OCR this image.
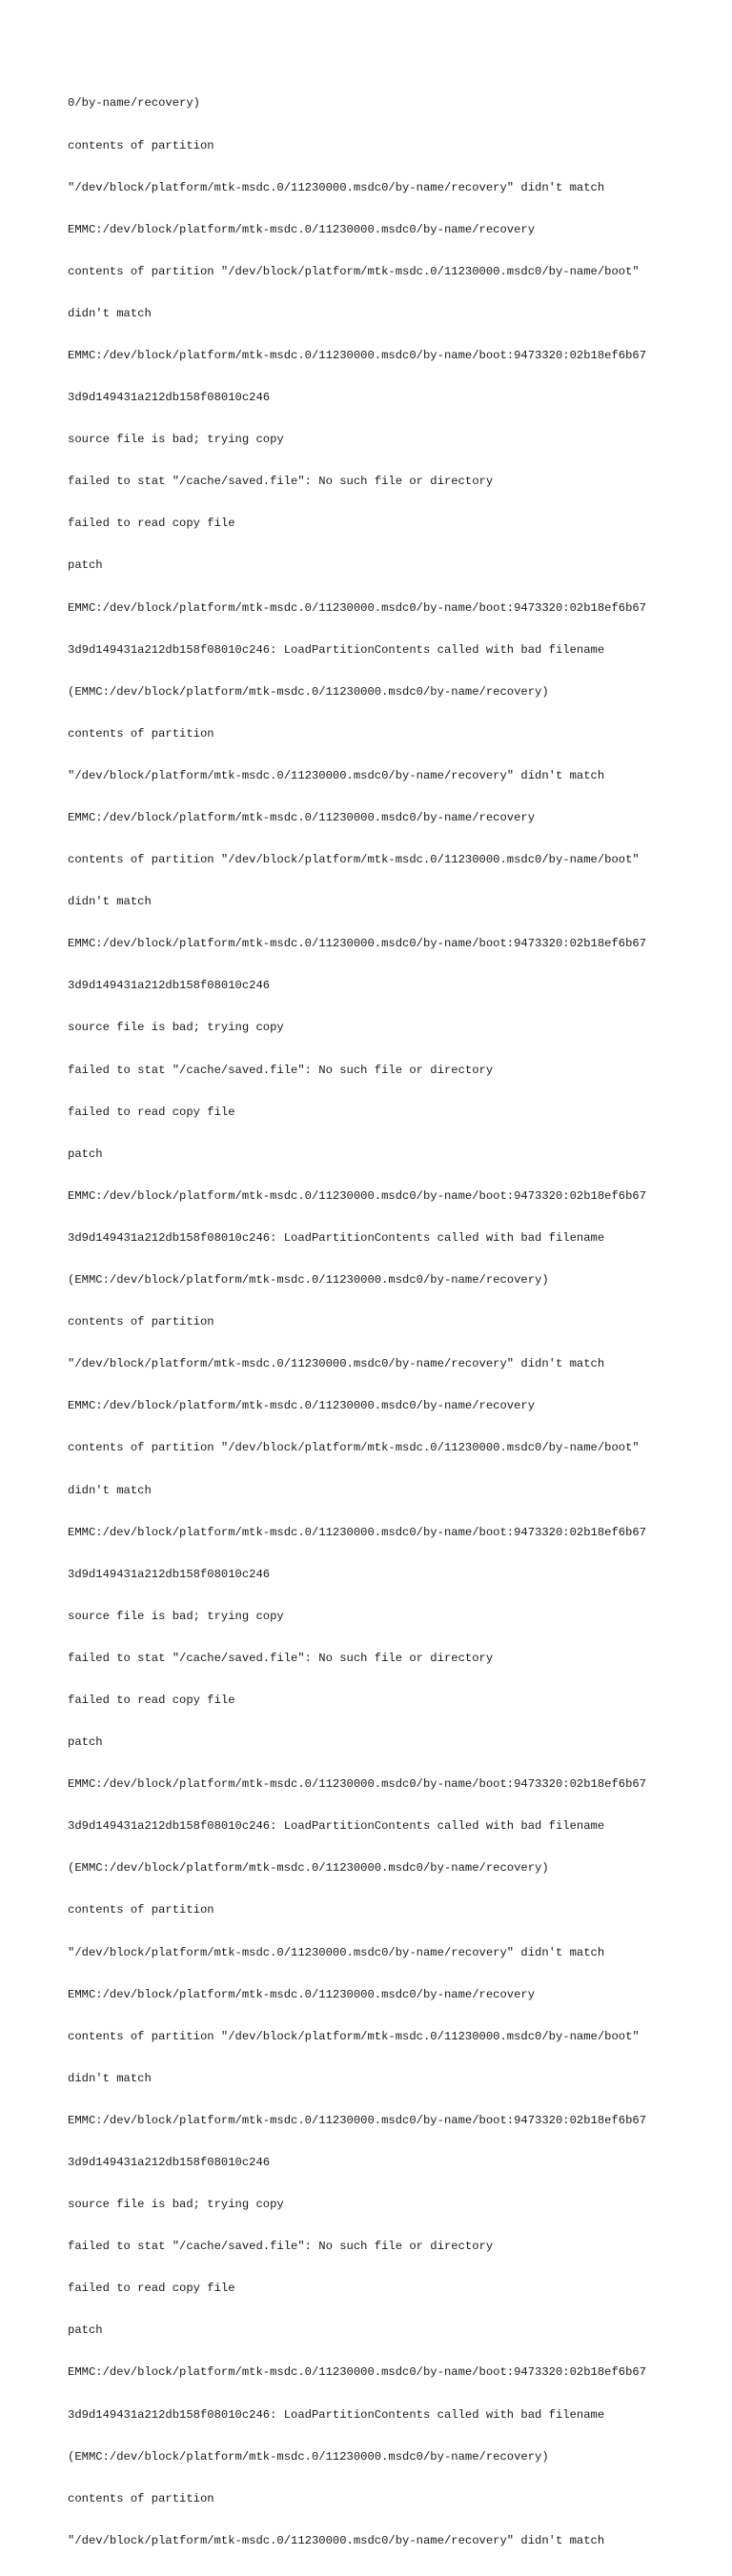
0/by-name/recovery)

contents of partition

"/dev/block/platform/mtk-msdc.0/11230000.msdc0/by-name/recovery" didn't match

EMMC:/dev/block/platform/mtk-msdc.0/11230000.msdc0/by-name/recovery

contents of partition "/dev/block/platform/mtk-msdc.0/11230000.msdc0/by-name/boot"

didn't match

EMMC:/dev/block/platform/mtk-msdc.0/11230000.msdc0/by-name/boot:9473320:02b18ef6b67

3d9d149431a212db158f08010c246

source file is bad; trying copy

failed to stat "/cache/saved.file": No such file or directory

failed to read copy file

patch

EMMC:/dev/block/platform/mtk-msdc.0/11230000.msdc0/by-name/boot:9473320:02b18ef6b67

3d9d149431a212db158f08010c246: LoadPartitionContents called with bad filename

(EMMC:/dev/block/platform/mtk-msdc.0/11230000.msdc0/by-name/recovery)

contents of partition

"/dev/block/platform/mtk-msdc.0/11230000.msdc0/by-name/recovery" didn't match

EMMC:/dev/block/platform/mtk-msdc.0/11230000.msdc0/by-name/recovery

contents of partition "/dev/block/platform/mtk-msdc.0/11230000.msdc0/by-name/boot"

didn't match

EMMC:/dev/block/platform/mtk-msdc.0/11230000.msdc0/by-name/boot:9473320:02b18ef6b67

3d9d149431a212db158f08010c246

source file is bad; trying copy

failed to stat "/cache/saved.file": No such file or directory

failed to read copy file

patch

EMMC:/dev/block/platform/mtk-msdc.0/11230000.msdc0/by-name/boot:9473320:02b18ef6b67

3d9d149431a212db158f08010c246: LoadPartitionContents called with bad filename

(EMMC:/dev/block/platform/mtk-msdc.0/11230000.msdc0/by-name/recovery)

contents of partition

"/dev/block/platform/mtk-msdc.0/11230000.msdc0/by-name/recovery" didn't match

EMMC:/dev/block/platform/mtk-msdc.0/11230000.msdc0/by-name/recovery

contents of partition "/dev/block/platform/mtk-msdc.0/11230000.msdc0/by-name/boot"

didn't match

EMMC:/dev/block/platform/mtk-msdc.0/11230000.msdc0/by-name/boot:9473320:02b18ef6b67

3d9d149431a212db158f08010c246

source file is bad; trying copy

failed to stat "/cache/saved.file": No such file or directory

failed to read copy file

patch

EMMC:/dev/block/platform/mtk-msdc.0/11230000.msdc0/by-name/boot:9473320:02b18ef6b67

3d9d149431a212db158f08010c246: LoadPartitionContents called with bad filename

(EMMC:/dev/block/platform/mtk-msdc.0/11230000.msdc0/by-name/recovery)

contents of partition

"/dev/block/platform/mtk-msdc.0/11230000.msdc0/by-name/recovery" didn't match

EMMC:/dev/block/platform/mtk-msdc.0/11230000.msdc0/by-name/recovery

contents of partition "/dev/block/platform/mtk-msdc.0/11230000.msdc0/by-name/boot"

didn't match

EMMC:/dev/block/platform/mtk-msdc.0/11230000.msdc0/by-name/boot:9473320:02b18ef6b67

3d9d149431a212db158f08010c246

source file is bad; trying copy

failed to stat "/cache/saved.file": No such file or directory

failed to read copy file

patch

EMMC:/dev/block/platform/mtk-msdc.0/11230000.msdc0/by-name/boot:9473320:02b18ef6b67

3d9d149431a212db158f08010c246: LoadPartitionContents called with bad filename

(EMMC:/dev/block/platform/mtk-msdc.0/11230000.msdc0/by-name/recovery)

contents of partition

"/dev/block/platform/mtk-msdc.0/11230000.msdc0/by-name/recovery" didn't match
